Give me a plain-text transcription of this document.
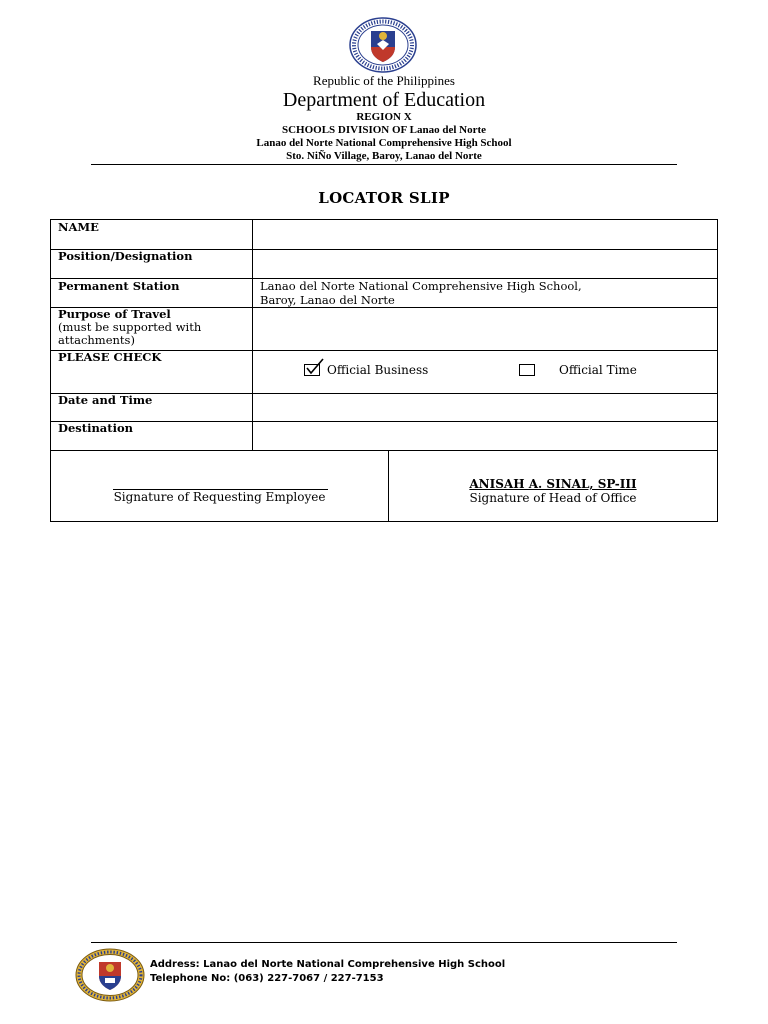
Republic of the Philippines
Department of Education
REGION X
SCHOOLS DIVISION OF Lanao del Norte
Lanao del Norte National Comprehensive High School
Sto. NiÑo Village, Baroy, Lanao del Norte
LOCATOR SLIP
NAME
Position/Designation
Permanent Station	Lanao del Norte National Comprehensive High School,
Baroy, Lanao del Norte
Purpose of Travel
(must be supported with
attachments)
PLEASE CHECK
Official Business	Official Time
Date and Time
Destination
Signature of Requesting Employee
ANISAH A. SINAL, SP-III
Signature of Head of Office
Address: Lanao del Norte National Comprehensive High School
Telephone No: (063) 227-7067 / 227-7153
